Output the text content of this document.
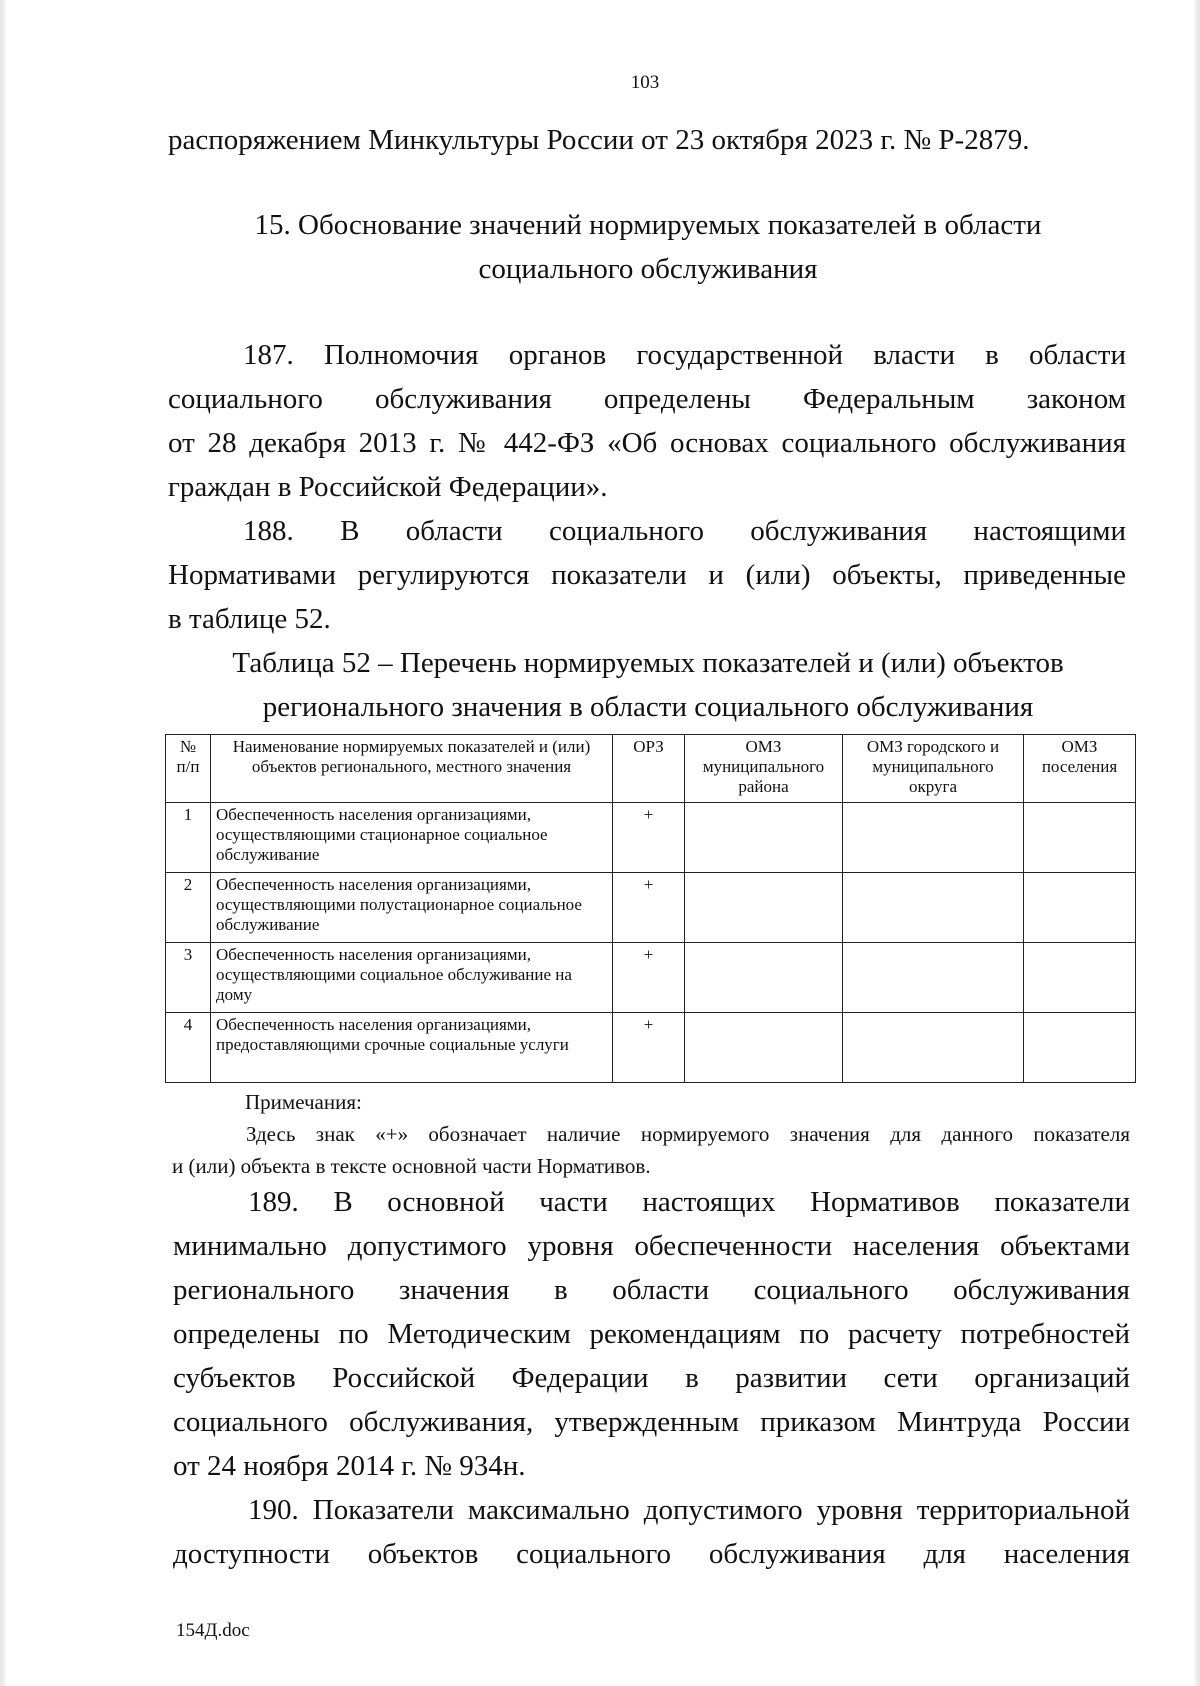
103
распоряжением Минкультуры России от 23 октября 2023 г. № Р-2879.
15. Обоснование значений нормируемых показателей в области
социального обслуживания
187. Полномочия органов государственной власти в области
социального обслуживания определены Федеральным законом
от 28 декабря 2013 г. № 442-ФЗ «Об основах социального обслуживания
граждан в Российской Федерации».
188. В области социального обслуживания настоящими
Нормативами регулируются показатели и (или) объекты, приведенные
в таблице 52.
Таблица 52 – Перечень нормируемых показателей и (или) объектов
регионального значения в области социального обслуживания
№ п/п	Наименование нормируемых показателей и (или) объектов регионального, местного значения	ОРЗ	ОМЗ муниципального района	ОМЗ городского и муниципального округа	ОМЗ поселения
1	Обеспеченность населения организациями, осуществляющими стационарное социальное обслуживание	+			
2	Обеспеченность населения организациями, осуществляющими полустационарное социальное обслуживание	+			
3	Обеспеченность населения организациями, осуществляющими социальное обслуживание на дому	+			
4	Обеспеченность населения организациями, предоставляющими срочные социальные услуги	+			
Примечания:
Здесь знак «+» обозначает наличие нормируемого значения для данного показателя
и (или) объекта в тексте основной части Нормативов.
189. В основной части настоящих Нормативов показатели
минимально допустимого уровня обеспеченности населения объектами
регионального значения в области социального обслуживания
определены по Методическим рекомендациям по расчету потребностей
субъектов Российской Федерации в развитии сети организаций
социального обслуживания, утвержденным приказом Минтруда России
от 24 ноября 2014 г. № 934н.
190. Показатели максимально допустимого уровня территориальной
доступности объектов социального обслуживания для населения
154Д.doc
